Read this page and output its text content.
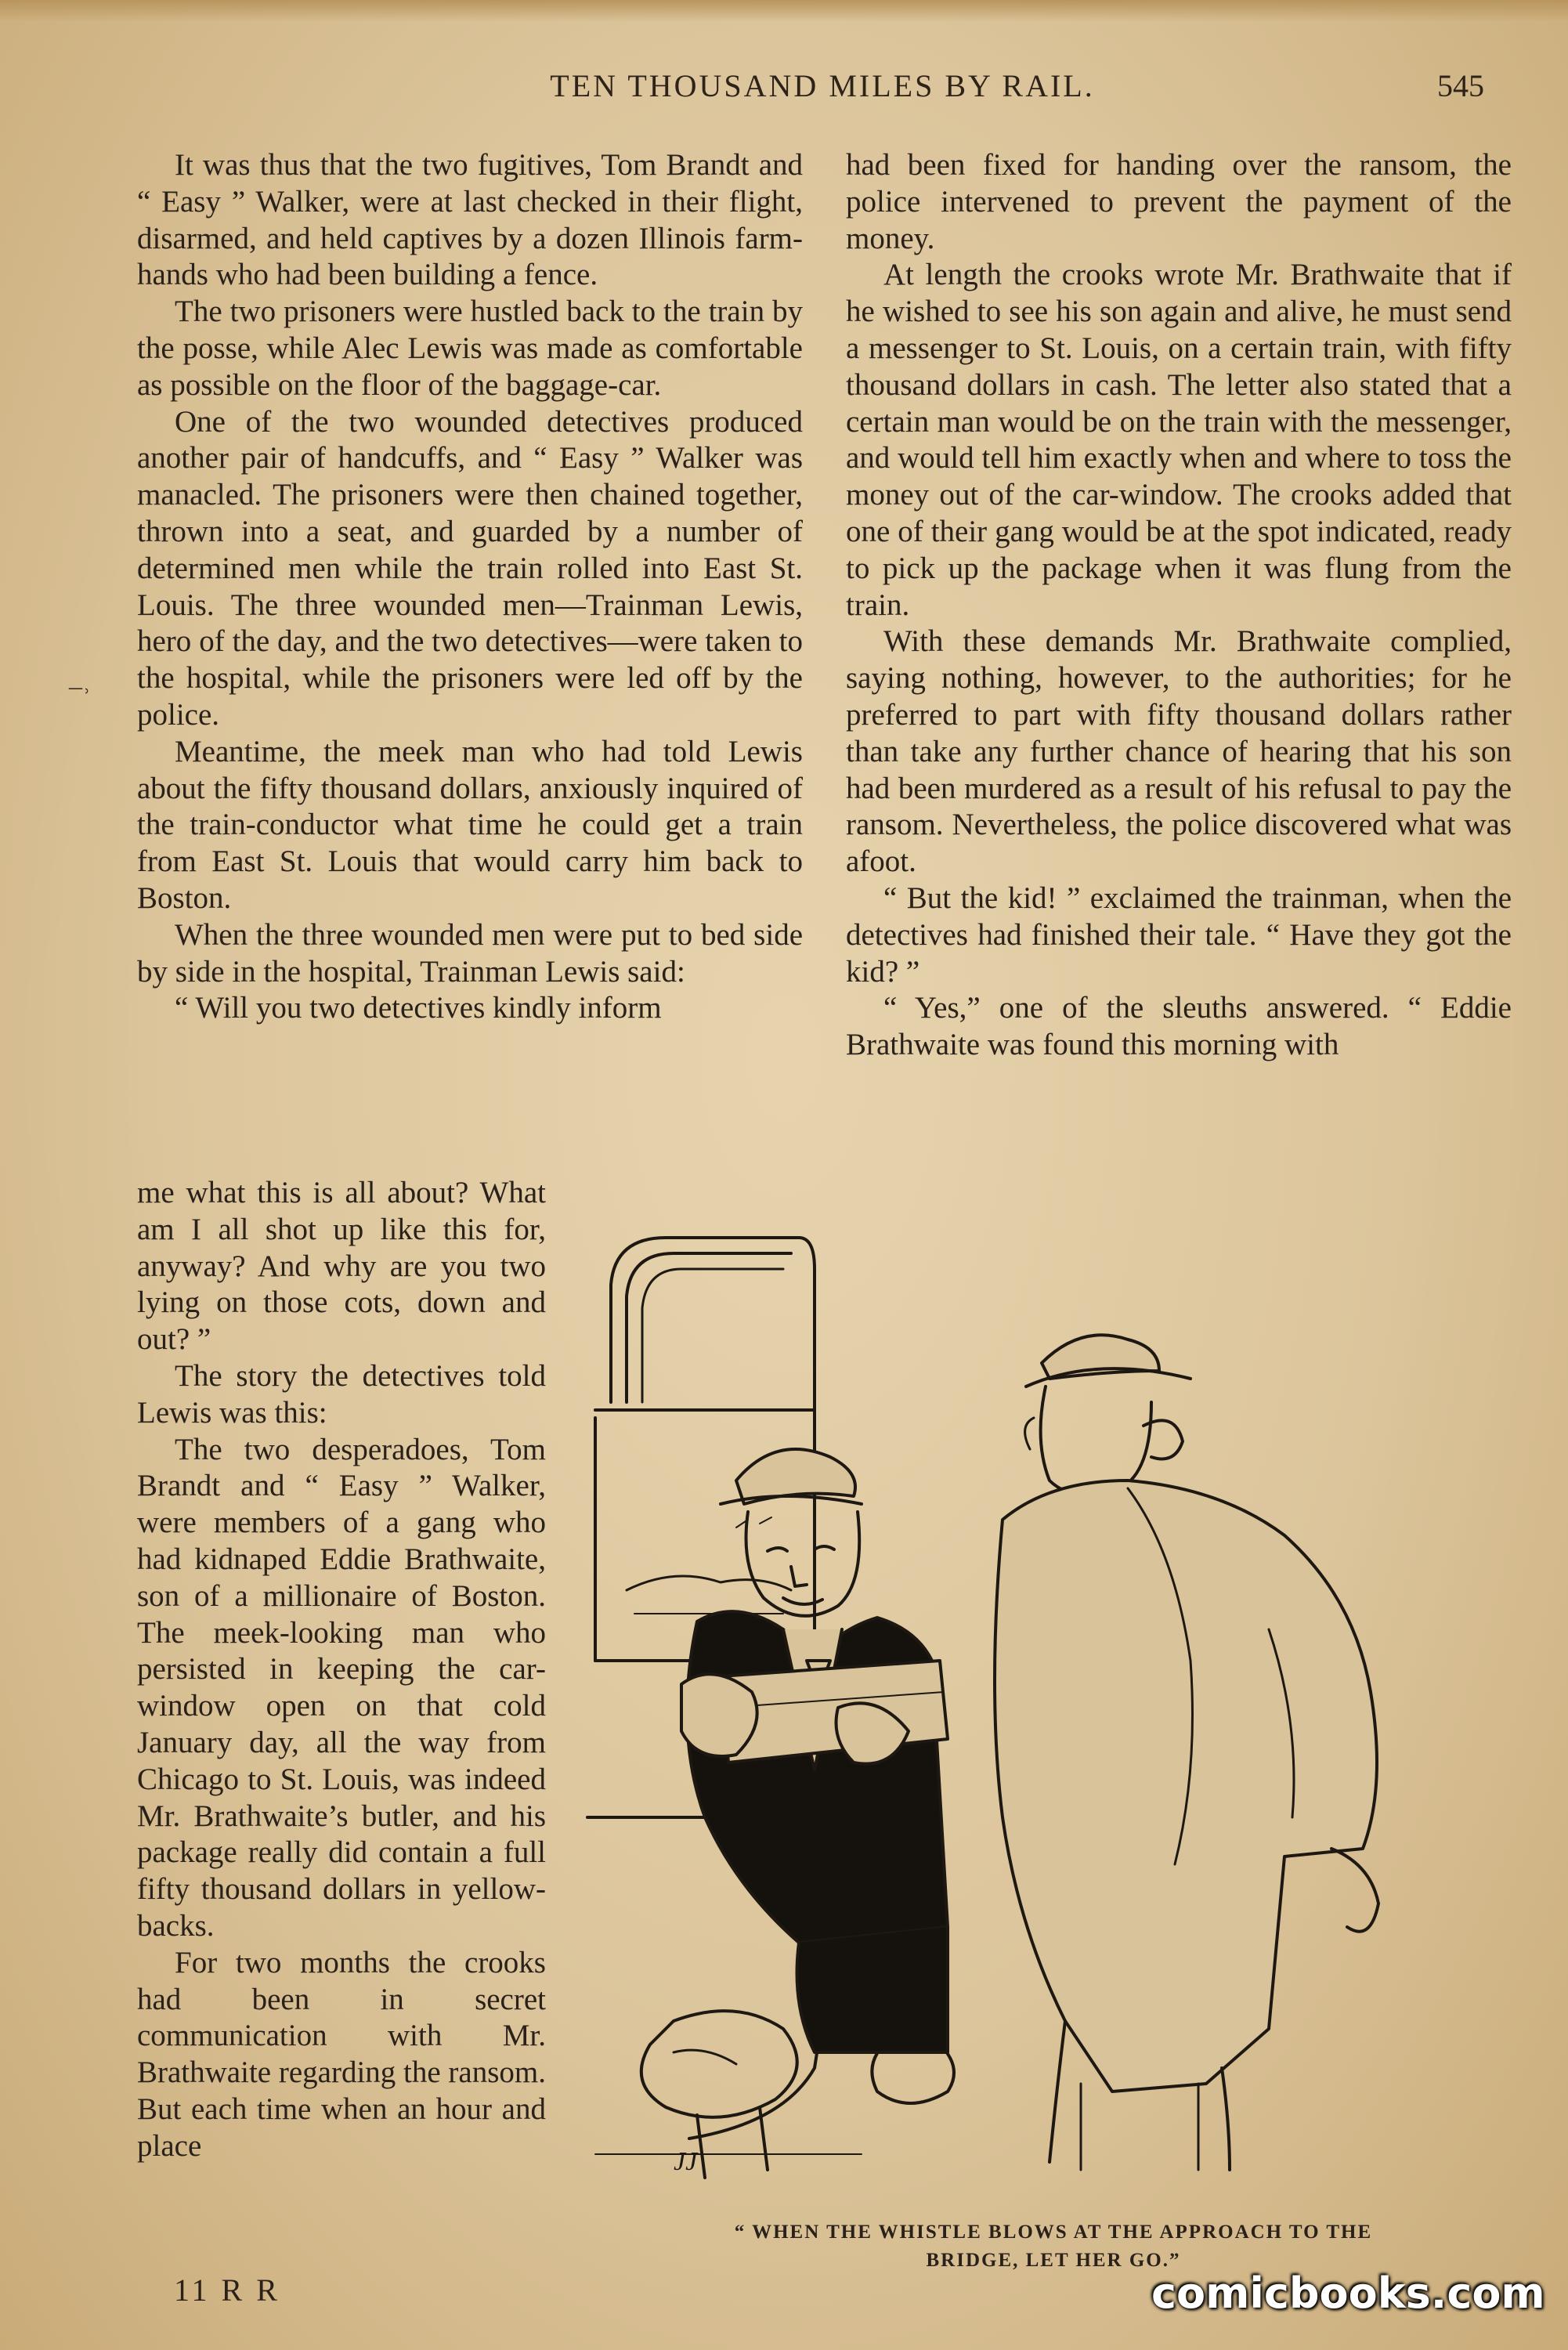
TEN THOUSAND MILES BY RAIL.	545
–˒

It was thus that the two fugitives, Tom Brandt and “ Easy ” Walker, were at last checked in their flight, disarmed, and held captives by a dozen Illinois farm-hands who had been building a fence.

The two prisoners were hustled back to the train by the posse, while Alec Lewis was made as comfortable as possible on the floor of the baggage-car.

One of the two wounded detectives produced another pair of handcuffs, and “ Easy ” Walker was manacled. The prisoners were then chained together, thrown into a seat, and guarded by a number of determined men while the train rolled into East St. Louis. The three wounded men—Trainman Lewis, hero of the day, and the two detectives—were taken to the hospital, while the prisoners were led off by the police.

Meantime, the meek man who had told Lewis about the fifty thousand dollars, anxiously inquired of the train-conductor what time he could get a train from East St. Louis that would carry him back to Boston.

When the three wounded men were put to bed side by side in the hospital, Trainman Lewis said:

“ Will you two detectives kindly inform

me what this is all about? What am I all shot up like this for, anyway? And why are you two lying on those cots, down and out? ”

The story the detectives told Lewis was this:

The two desperadoes, Tom Brandt and “ Easy ” Walker, were members of a gang who had kidnaped Eddie Brathwaite, son of a millionaire of Boston. The meek-looking man who persisted in keeping the car-window open on that cold January day, all the way from Chicago to St. Louis, was indeed Mr. Brathwaite’s butler, and his package really did contain a full fifty thousand dollars in yellow-backs.

For two months the crooks had been in secret communication with Mr. Brathwaite regarding the ransom. But each time when an hour and place

had been fixed for handing over the ransom, the police intervened to prevent the payment of the money.

At length the crooks wrote Mr. Brathwaite that if he wished to see his son again and alive, he must send a messenger to St. Louis, on a certain train, with fifty thousand dollars in cash. The letter also stated that a certain man would be on the train with the messenger, and would tell him exactly when and where to toss the money out of the car-window. The crooks added that one of their gang would be at the spot indicated, ready to pick up the package when it was flung from the train.

With these demands Mr. Brathwaite complied, saying nothing, however, to the authorities; for he preferred to part with fifty thousand dollars rather than take any further chance of hearing that his son had been murdered as a result of his refusal to pay the ransom. Nevertheless, the police discovered what was afoot.

“ But the kid! ” exclaimed the trainman, when the detectives had finished their tale. “ Have they got the kid? ”

“ Yes,” one of the sleuths answered. “ Eddie Brathwaite was found this morning with

JJ
“ WHEN THE WHISTLE BLOWS AT THE APPROACH TO THE
BRIDGE, LET HER GO.”
11 R R	comicbooks.com
